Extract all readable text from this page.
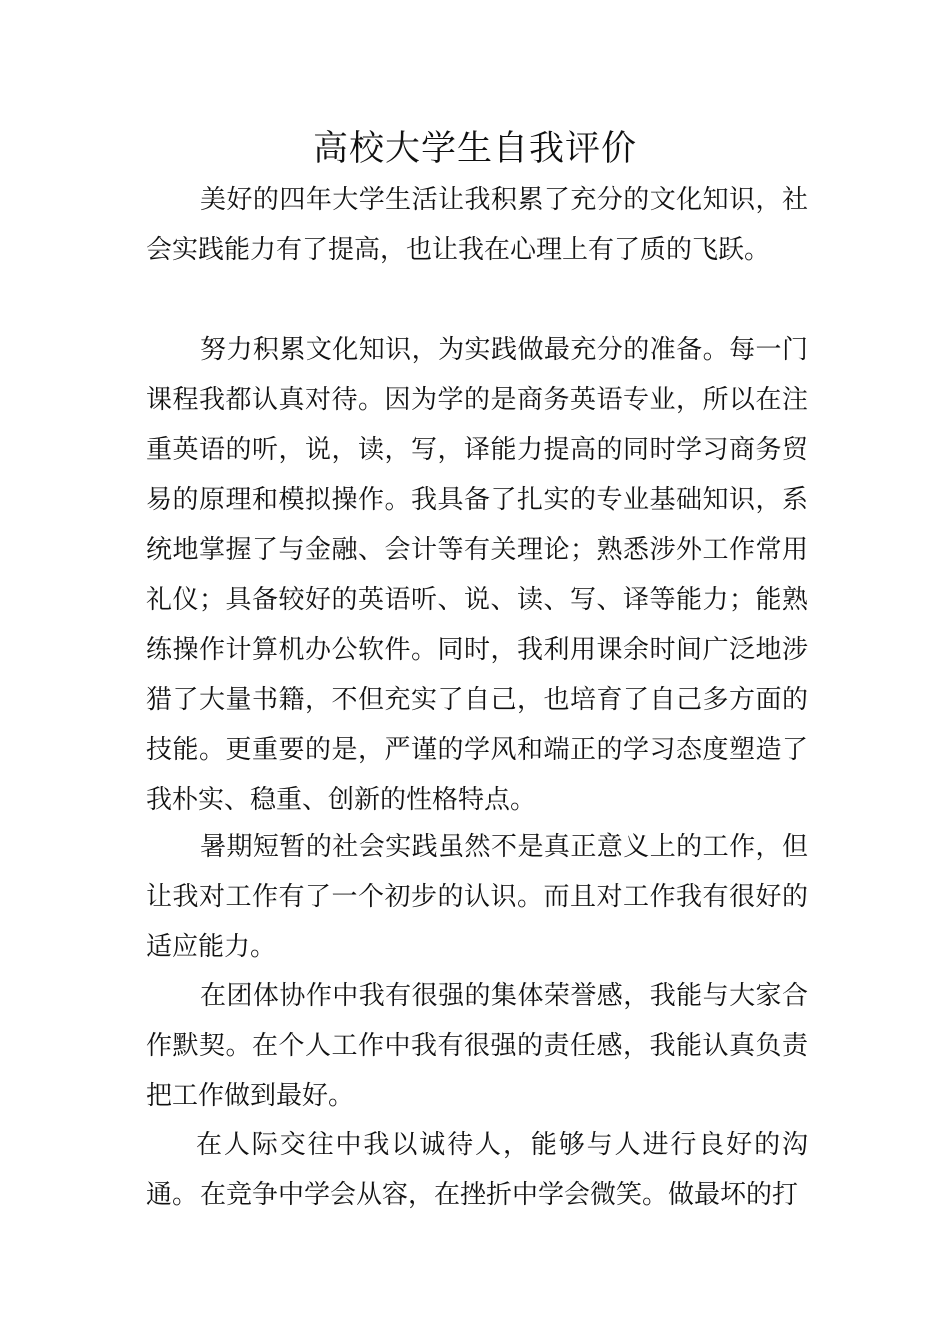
高校大学生自我评价

美好的四年大学生活让我积累了充分的文化知识，社会实践能力有了提高，也让我在心理上有了质的飞跃。

努力积累文化知识，为实践做最充分的准备。每一门课程我都认真对待。因为学的是商务英语专业，所以在注重英语的听，说，读，写，译能力提高的同时学习商务贸易的原理和模拟操作。我具备了扎实的专业基础知识，系统地掌握了与金融、会计等有关理论；熟悉涉外工作常用礼仪；具备较好的英语听、说、读、写、译等能力；能熟练操作计算机办公软件。同时，我利用课余时间广泛地涉猎了大量书籍，不但充实了自己，也培育了自己多方面的技能。更重要的是，严谨的学风和端正的学习态度塑造了我朴实、稳重、创新的性格特点。

暑期短暂的社会实践虽然不是真正意义上的工作，但让我对工作有了一个初步的认识。而且对工作我有很好的适应能力。

在团体协作中我有很强的集体荣誉感，我能与大家合作默契。在个人工作中我有很强的责任感，我能认真负责把工作做到最好。

在人际交往中我以诚待人，能够与人进行良好的沟通。 在竞争中学会从容，在挫折中学会微笑。做最坏的打
